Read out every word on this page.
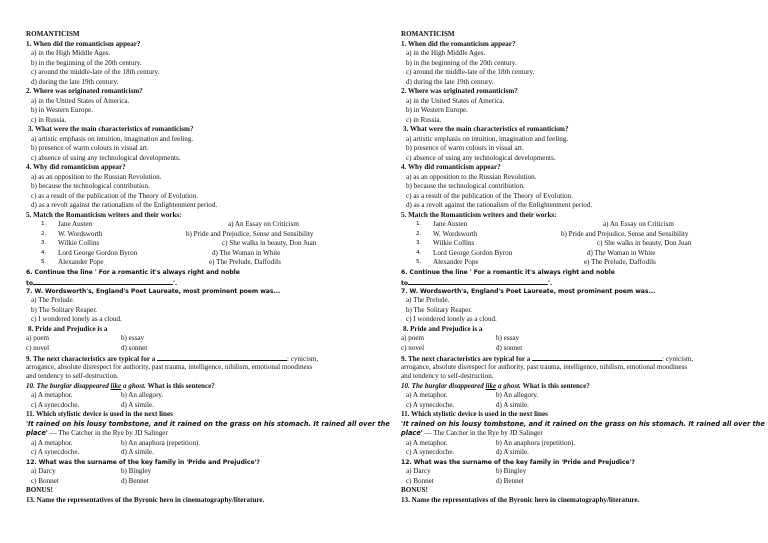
ROMANTICISM
1. When did the romanticism appear?
a) in the High Middle Ages.
b) in the beginning of the 20th century.
c) around the middle-late of the 18th century.
d) during the late 19th century.
2. Where was originated romanticism?
a) in the United States of America.
b) in Western Europe.
c) in Russia.
3. What were the main characteristics of romanticism?
a) artistic emphasis on intuition, imagination and feeling.
b) presence of warm colours in visual art.
c) absence of using any technological developments.
4. Why did romanticism appear?
a) as an opposition to the Russian Revolution.
b) because the technological contribution.
c) as a result of the publication of the Theory of Evolution.
d) as a revolt against the rationalism of the Enlightenment period.
5. Match the Romanticism writers and their works:
1. Jane Austen	a) An Essay on Criticism
2. W. Wordsworth	b) Pride and Prejudice, Sense and Sensibility
3. Wilkie Collins	c) She walks in beauty, Don Juan
4. Lord George Gordon Byron	d) The Woman in White
5. Alexander Pope	e) The Prelude, Daffodils
6. Continue the line ' For a romantic it's always right and noble
to	'.
7. W. Wordsworth's, England's Poet Laureate, most prominent poem was...
a) The Prelude.
b) The Solitary Reaper.
c) I wondered lonely as a cloud.
8. Pride and Prejudice is a
a) poem	b) essay
c) novel	d) sonnet
9. The next characteristics are typical for a	: cynicism,
arrogance, absolute disrespect for authority, past trauma, intelligence, nihilism, emotional moodiness
and tendency to self-destruction.
10. The burglar disappeared like a ghost. What is this sentence?
a) A metaphor.	b) An allegory.
c) A synecdoche.	d) A simile.
11. Which stylistic device is used in the next lines
'It rained on his lousy tombstone, and it rained on the grass on his stomach. It rained all over the
place' — The Catcher in the Rye by JD Salinger
a) A metaphor.	b) An anaphora (repetition).
c) A synecdoche.	d) A simile.
12. What was the surname of the key family in 'Pride and Prejudice'?
a) Darcy	b) Bingley
c) Bonnet	d) Bennet
BONUS!
13. Name the representatives of the Byronic hero in cinematography/literature.
ROMANTICISM
1. When did the romanticism appear?
a) in the High Middle Ages.
b) in the beginning of the 20th century.
c) around the middle-late of the 18th century.
d) during the late 19th century.
2. Where was originated romanticism?
a) in the United States of America.
b) in Western Europe.
c) in Russia.
3. What were the main characteristics of romanticism?
a) artistic emphasis on intuition, imagination and feeling.
b) presence of warm colours in visual art.
c) absence of using any technological developments.
4. Why did romanticism appear?
a) as an opposition to the Russian Revolution.
b) because the technological contribution.
c) as a result of the publication of the Theory of Evolution.
d) as a revolt against the rationalism of the Enlightenment period.
5. Match the Romanticism writers and their works:
1. Jane Austen	a) An Essay on Criticism
2. W. Wordsworth	b) Pride and Prejudice, Sense and Sensibility
3. Wilkie Collins	c) She walks in beauty, Don Juan
4. Lord George Gordon Byron	d) The Woman in White
5. Alexander Pope	e) The Prelude, Daffodils
6. Continue the line ' For a romantic it's always right and noble
to	'.
7. W. Wordsworth's, England's Poet Laureate, most prominent poem was...
a) The Prelude.
b) The Solitary Reaper.
c) I wondered lonely as a cloud.
8. Pride and Prejudice is a
a) poem	b) essay
c) novel	d) sonnet
9. The next characteristics are typical for a	: cynicism,
arrogance, absolute disrespect for authority, past trauma, intelligence, nihilism, emotional moodiness
and tendency to self-destruction.
10. The burglar disappeared like a ghost. What is this sentence?
a) A metaphor.	b) An allegory.
c) A synecdoche.	d) A simile.
11. Which stylistic device is used in the next lines
'It rained on his lousy tombstone, and it rained on the grass on his stomach. It rained all over the
place' — The Catcher in the Rye by JD Salinger
a) A metaphor.	b) An anaphora (repetition).
c) A synecdoche.	d) A simile.
12. What was the surname of the key family in 'Pride and Prejudice'?
a) Darcy	b) Bingley
c) Bonnet	d) Bennet
BONUS!
13. Name the representatives of the Byronic hero in cinematography/literature.
